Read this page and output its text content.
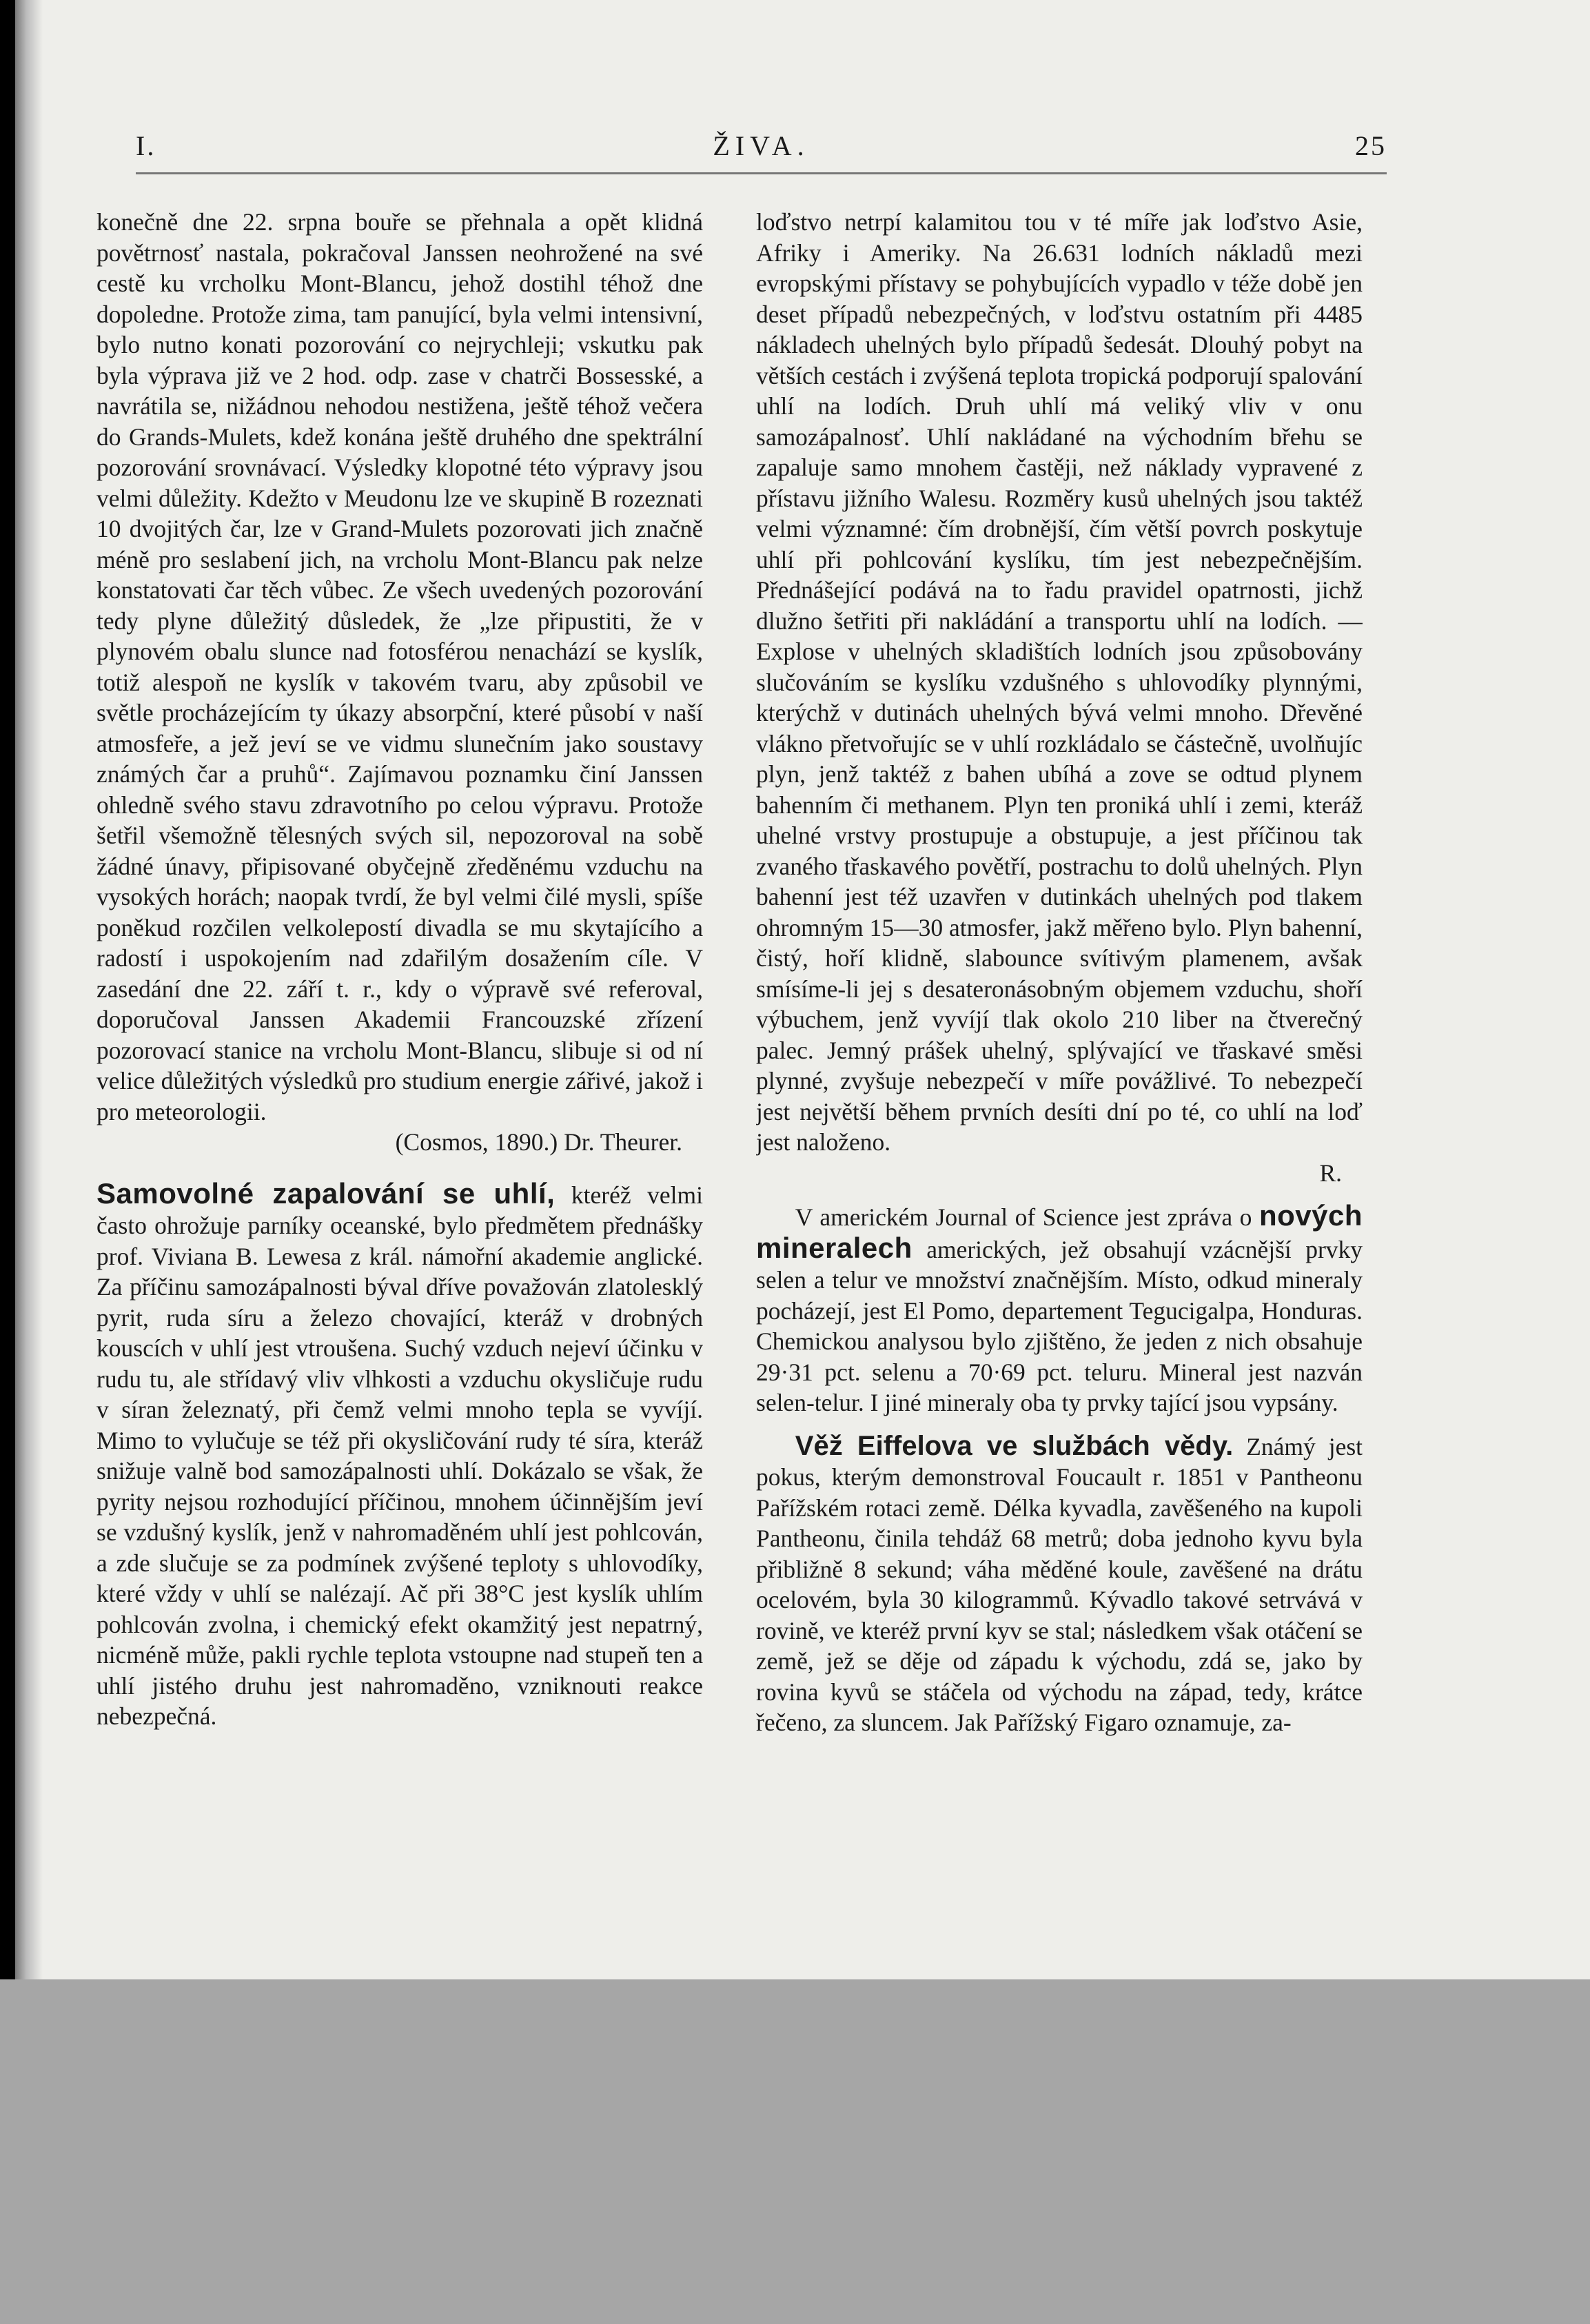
I.	ŽIVA.	25

konečně dne 22. srpna bouře se přehnala a opět klidná povětrnosť nastala, pokračoval Janssen neohrožené na své cestě ku vrcholku Mont-Blancu, jehož dostihl téhož dne dopoledne. Protože zima, tam panující, byla velmi intensivní, bylo nutno konati pozorování co nejrychleji; vskutku pak byla výprava již ve 2 hod. odp. zase v chatrči Bossesské, a navrátila se, nižádnou nehodou nestižena, ještě téhož večera do Grands-Mulets, kdež konána ještě druhého dne spektrální pozorování srovnávací. Výsledky klopotné této výpravy jsou velmi důležity. Kdežto v Meudonu lze ve skupině B rozeznati 10 dvojitých čar, lze v Grand-Mulets pozorovati jich značně méně pro seslabení jich, na vrcholu Mont-Blancu pak nelze konstatovati čar těch vůbec. Ze všech uvedených pozorování tedy plyne důležitý důsledek, že „lze připustiti, že v plynovém obalu slunce nad fotosférou nenachází se kyslík, totiž alespoň ne kyslík v takovém tvaru, aby způsobil ve světle procházejícím ty úkazy absorpční, které působí v naší atmosfeře, a jež jeví se ve vidmu slunečním jako soustavy známých čar a pruhů“. Zajímavou poznamku činí Janssen ohledně svého stavu zdravotního po celou výpravu. Protože šetřil všemožně tělesných svých sil, nepozoroval na sobě žádné únavy, připisované obyčejně zředěnému vzduchu na vysokých horách; naopak tvrdí, že byl velmi čilé mysli, spíše poněkud rozčilen velkolepostí divadla se mu skytajícího a radostí i uspokojením nad zdařilým dosažením cíle. V zasedání dne 22. září t. r., kdy o výpravě své referoval, doporučoval Janssen Akademii Francouzské zřízení pozorovací stanice na vrcholu Mont-Blancu, slibuje si od ní velice důležitých výsledků pro studium energie zářivé, jakož i pro meteorologii.

(Cosmos, 1890.) Dr. Theurer.

Samovolné zapalování se uhlí, kteréž velmi často ohrožuje parníky oceanské, bylo předmětem přednášky prof. Viviana B. Lewesa z král. námořní akademie anglické. Za příčinu samozápalnosti býval dříve považován zlatolesklý pyrit, ruda síru a železo chovající, kteráž v drobných kouscích v uhlí jest vtroušena. Suchý vzduch nejeví účinku v rudu tu, ale střídavý vliv vlhkosti a vzduchu okysličuje rudu v síran železnatý, při čemž velmi mnoho tepla se vyvíjí. Mimo to vylučuje se též při okysličování rudy té síra, kteráž snižuje valně bod samozápalnosti uhlí. Dokázalo se však, že pyrity nejsou rozhodující příčinou, mnohem účinnějším jeví se vzdušný kyslík, jenž v nahromaděném uhlí jest pohlcován, a zde slučuje se za podmínek zvýšené teploty s uhlovodíky, které vždy v uhlí se nalézají. Ač při 38°C jest kyslík uhlím pohlcován zvolna, i chemický efekt okamžitý jest nepatrný, nicméně může, pakli rychle teplota vstoupne nad stupeň ten a uhlí jistého druhu jest nahromaděno, vzniknouti reakce nebezpečná.

loďstvo netrpí kalamitou tou v té míře jak loďstvo Asie, Afriky i Ameriky. Na 26.631 lodních nákladů mezi evropskými přístavy se pohybujících vypadlo v téže době jen deset případů nebezpečných, v loďstvu ostatním při 4485 nákladech uhelných bylo případů šedesát. Dlouhý pobyt na větších cestách i zvýšená teplota tropická podporují spalování uhlí na lodích. Druh uhlí má veliký vliv v onu samozápalnosť. Uhlí nakládané na východním břehu se zapaluje samo mnohem častěji, než náklady vypravené z přístavu jižního Walesu. Rozměry kusů uhelných jsou taktéž velmi významné: čím drobnější, čím větší povrch poskytuje uhlí při pohlcování kyslíku, tím jest nebezpečnějším. Přednášející podává na to řadu pravidel opatrnosti, jichž dlužno šetřiti při nakládání a transportu uhlí na lodích. — Explose v uhelných skladištích lodních jsou způsobovány slučováním se kyslíku vzdušného s uhlovodíky plynnými, kterýchž v dutinách uhelných bývá velmi mnoho. Dřevěné vlákno přetvořujíc se v uhlí rozkládalo se částečně, uvolňujíc plyn, jenž taktéž z bahen ubíhá a zove se odtud plynem bahenním či methanem. Plyn ten proniká uhlí i zemi, kteráž uhelné vrstvy prostupuje a obstupuje, a jest příčinou tak zvaného třaskavého povětří, postrachu to dolů uhelných. Plyn bahenní jest též uzavřen v dutinkách uhelných pod tlakem ohromným 15—30 atmosfer, jakž měřeno bylo. Plyn bahenní, čistý, hoří klidně, slabounce svítivým plamenem, avšak smísíme-li jej s desateronásobným objemem vzduchu, shoří výbuchem, jenž vyvíjí tlak okolo 210 liber na čtverečný palec. Jemný prášek uhelný, splývající ve třaskavé směsi plynné, zvyšuje nebezpečí v míře povážlivé. To nebezpečí jest největší během prvních desíti dní po té, co uhlí na loď jest naloženo.

R.

V americkém Journal of Science jest zpráva o nových mineralech amerických, jež obsahují vzácnější prvky selen a telur ve množství značnějším. Místo, odkud mineraly pocházejí, jest El Pomo, departement Tegucigalpa, Honduras. Chemickou analysou bylo zjištěno, že jeden z nich obsahuje 29·31 pct. selenu a 70·69 pct. teluru. Mineral jest nazván selen-telur. I jiné mineraly oba ty prvky tající jsou vypsány.

Věž Eiffelova ve službách vědy. Známý jest pokus, kterým demonstroval Foucault r. 1851 v Pantheonu Pařížském rotaci země. Délka kyvadla, zavěšeného na kupoli Pantheonu, činila tehdáž 68 metrů; doba jednoho kyvu byla přibližně 8 sekund; váha měděné koule, zavěšené na drátu ocelovém, byla 30 kilogrammů. Kývadlo takové setrvává v rovině, ve kteréž první kyv se stal; následkem však otáčení se země, jež se děje od západu k východu, zdá se, jako by rovina kyvů se stáčela od východu na západ, tedy, krátce řečeno, za sluncem. Jak Pařížský Figaro oznamuje, za-
